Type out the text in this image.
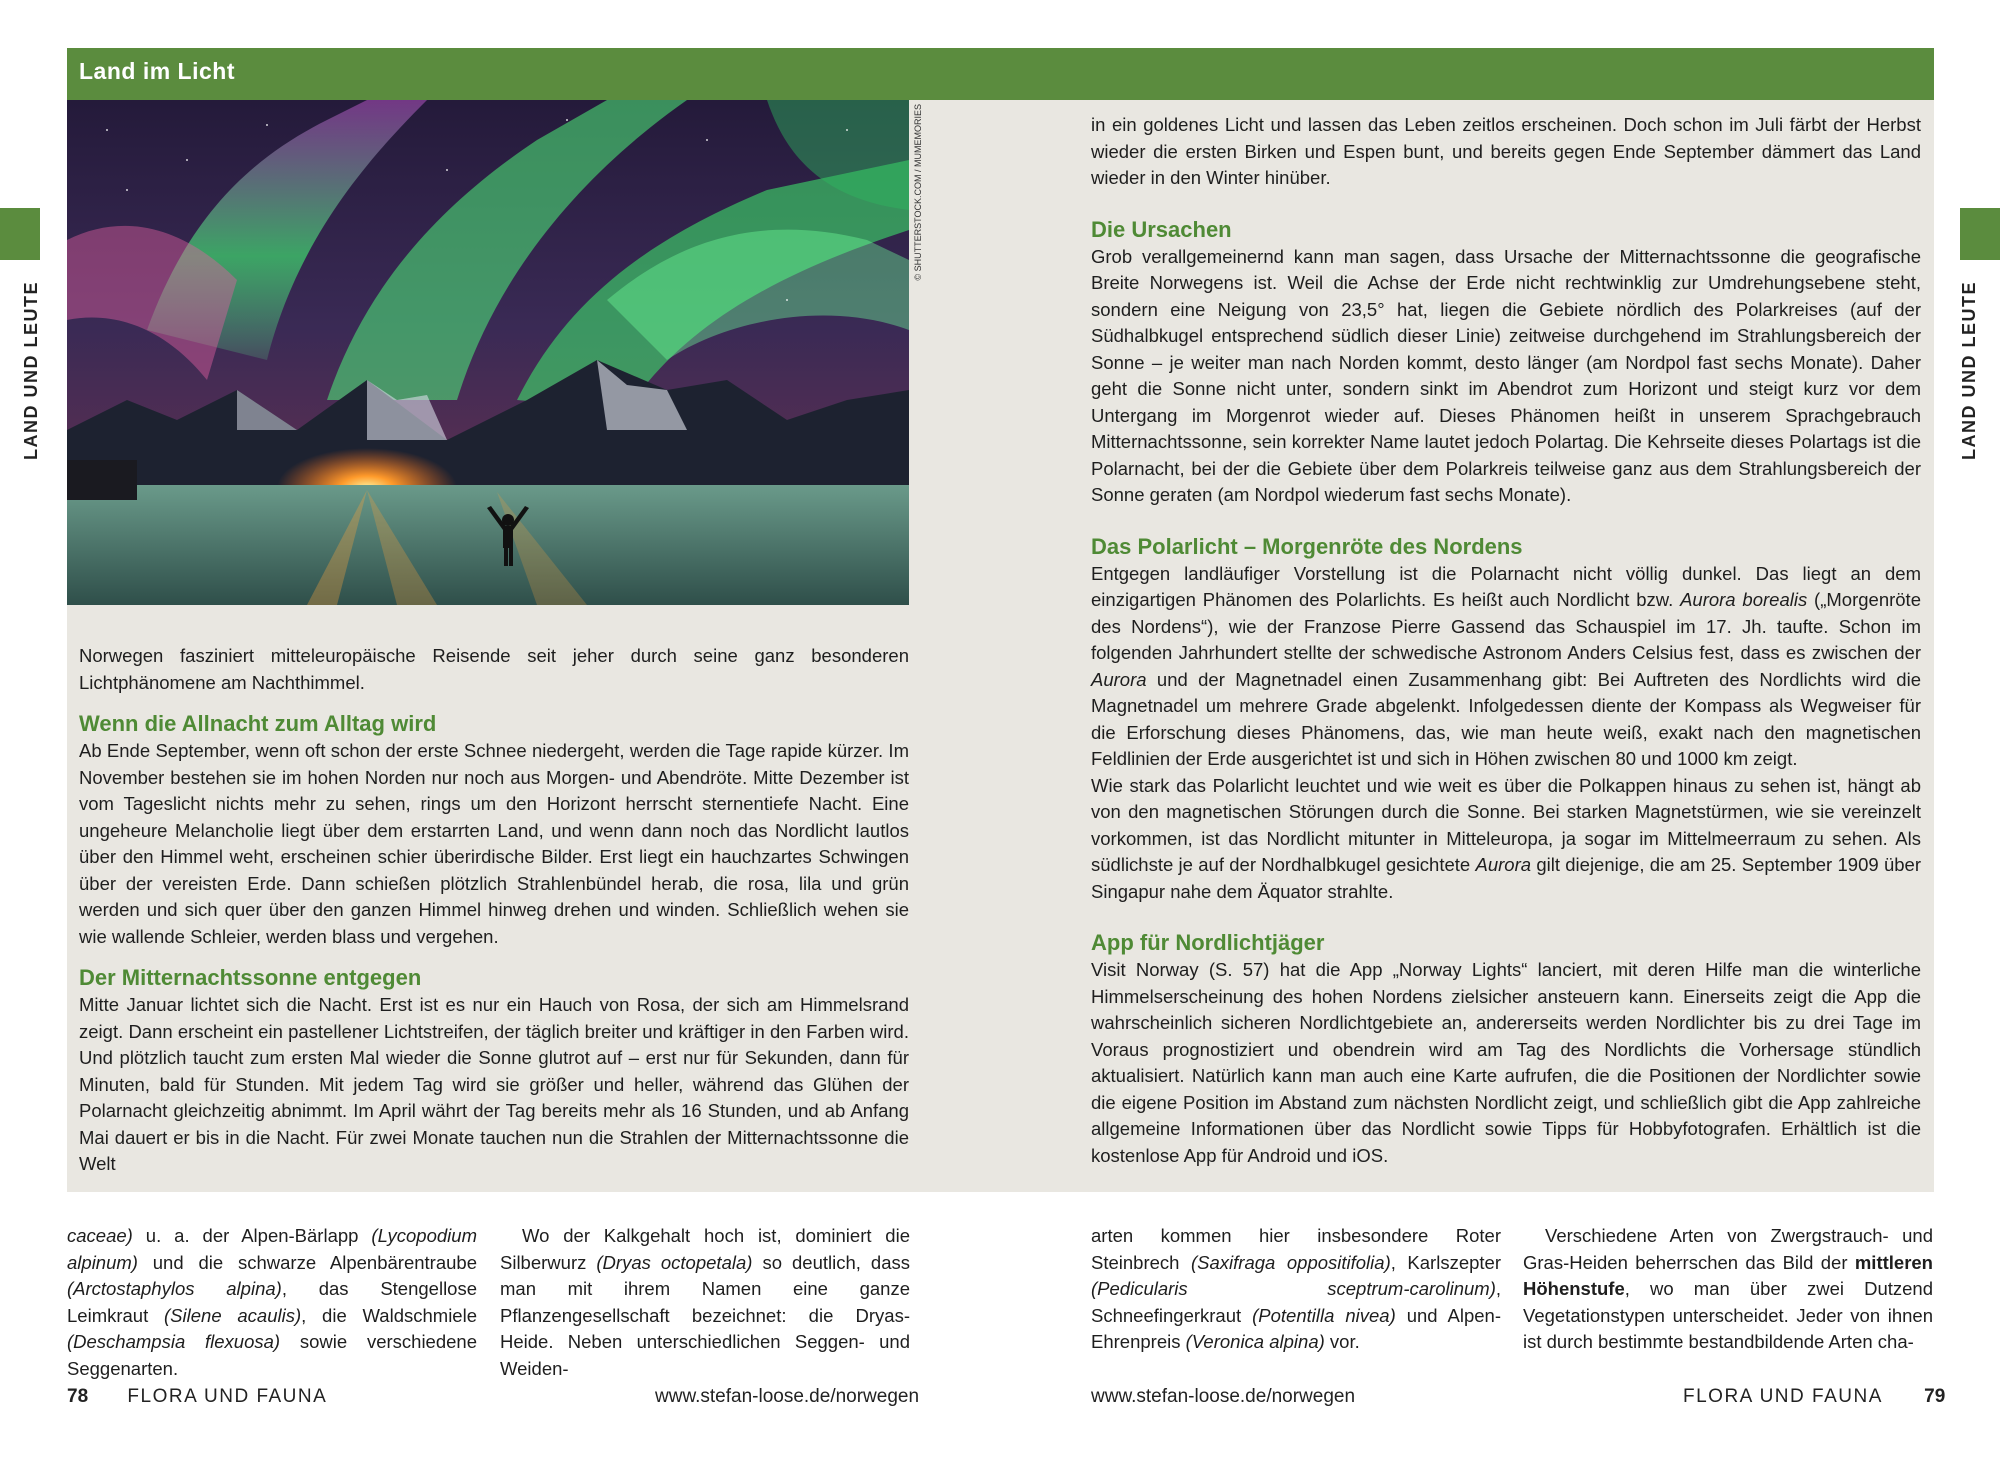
Land im Licht
© SHUTTERSTOCK.COM / MUMEMORIES
LAND UND LEUTE	LAND UND LEUTE

Norwegen fasziniert mitteleuropäische Reisende seit jeher durch seine ganz besonderen Lichtphänomene am Nachthimmel.

Wenn die Allnacht zum Alltag wird

Ab Ende September, wenn oft schon der erste Schnee niedergeht, werden die Tage rapide kürzer. Im November bestehen sie im hohen Norden nur noch aus Morgen- und Abendröte. Mitte Dezember ist vom Tageslicht nichts mehr zu sehen, rings um den Horizont herrscht sternentiefe Nacht. Eine ungeheure Melancholie liegt über dem erstarrten Land, und wenn dann noch das Nordlicht lautlos über den Himmel weht, erscheinen schier überirdische Bilder. Erst liegt ein hauchzartes Schwingen über der vereisten Erde. Dann schießen plötzlich Strahlenbündel herab, die rosa, lila und grün werden und sich quer über den ganzen Himmel hinweg drehen und winden. Schließlich wehen sie wie wallende Schleier, werden blass und vergehen.

Der Mitternachtssonne entgegen

Mitte Januar lichtet sich die Nacht. Erst ist es nur ein Hauch von Rosa, der sich am Himmelsrand zeigt. Dann erscheint ein pastellener Lichtstreifen, der täglich breiter und kräftiger in den Farben wird. Und plötzlich taucht zum ersten Mal wieder die Sonne glutrot auf – erst nur für Sekunden, dann für Minuten, bald für Stunden. Mit jedem Tag wird sie größer und heller, während das Glühen der Polarnacht gleichzeitig abnimmt. Im April währt der Tag bereits mehr als 16 Stunden, und ab Anfang Mai dauert er bis in die Nacht. Für zwei Monate tauchen nun die Strahlen der Mitternachtssonne die Welt

in ein goldenes Licht und lassen das Leben zeitlos erscheinen. Doch schon im Juli färbt der Herbst wieder die ersten Birken und Espen bunt, und bereits gegen Ende September dämmert das Land wieder in den Winter hinüber.

Die Ursachen

Grob verallgemeinernd kann man sagen, dass Ursache der Mitternachtssonne die geografische Breite Norwegens ist. Weil die Achse der Erde nicht rechtwinklig zur Umdrehungsebene steht, sondern eine Neigung von 23,5° hat, liegen die Gebiete nördlich des Polarkreises (auf der Südhalbkugel entsprechend südlich dieser Linie) zeitweise durchgehend im Strahlungsbereich der Sonne – je weiter man nach Norden kommt, desto länger (am Nordpol fast sechs Monate). Daher geht die Sonne nicht unter, sondern sinkt im Abendrot zum Horizont und steigt kurz vor dem Untergang im Morgenrot wieder auf. Dieses Phänomen heißt in unserem Sprachgebrauch Mitternachtssonne, sein korrekter Name lautet jedoch Polartag. Die Kehrseite dieses Polartags ist die Polarnacht, bei der die Gebiete über dem Polarkreis teilweise ganz aus dem Strahlungsbereich der Sonne geraten (am Nordpol wiederum fast sechs Monate).

Das Polarlicht – Morgenröte des Nordens

Entgegen landläufiger Vorstellung ist die Polarnacht nicht völlig dunkel. Das liegt an dem einzigartigen Phänomen des Polarlichts. Es heißt auch Nordlicht bzw. Aurora borealis („Morgenröte des Nordens“), wie der Franzose Pierre Gassend das Schauspiel im 17. Jh. taufte. Schon im folgenden Jahrhundert stellte der schwedische Astronom Anders Celsius fest, dass es zwischen der Aurora und der Magnetnadel einen Zusammenhang gibt: Bei Auftreten des Nordlichts wird die Magnetnadel um mehrere Grade abgelenkt. Infolgedessen diente der Kompass als Wegweiser für die Erforschung dieses Phänomens, das, wie man heute weiß, exakt nach den magnetischen Feldlinien der Erde ausgerichtet ist und sich in Höhen zwischen 80 und 1000 km zeigt.

Wie stark das Polarlicht leuchtet und wie weit es über die Polkappen hinaus zu sehen ist, hängt ab von den magnetischen Störungen durch die Sonne. Bei starken Magnetstürmen, wie sie vereinzelt vorkommen, ist das Nordlicht mitunter in Mitteleuropa, ja sogar im Mittelmeerraum zu sehen. Als südlichste je auf der Nordhalbkugel gesichtete Aurora gilt diejenige, die am 25. September 1909 über Singapur nahe dem Äquator strahlte.

App für Nordlichtjäger

Visit Norway (S. 57) hat die App „Norway Lights“ lanciert, mit deren Hilfe man die winterliche Himmelserscheinung des hohen Nordens zielsicher ansteuern kann. Einerseits zeigt die App die wahrscheinlich sicheren Nordlichtgebiete an, andererseits werden Nordlichter bis zu drei Tage im Voraus prognostiziert und obendrein wird am Tag des Nordlichts die Vorhersage stündlich aktualisiert. Natürlich kann man auch eine Karte aufrufen, die die Positionen der Nordlichter sowie die eigene Position im Abstand zum nächsten Nordlicht zeigt, und schließlich gibt die App zahlreiche allgemeine Informationen über das Nordlicht sowie Tipps für Hobbyfotografen. Erhältlich ist die kostenlose App für Android und iOS.

caceae) u. a. der Alpen-Bärlapp (Lycopodium alpinum) und die schwarze Alpenbärentraube (Arctostaphylos alpina), das Stengellose Leimkraut (Silene acaulis), die Waldschmiele (Deschampsia flexuosa) sowie verschiedene Seggenarten.

Wo der Kalkgehalt hoch ist, dominiert die Silberwurz (Dryas octopetala) so deutlich, dass man mit ihrem Namen eine ganze Pflanzengesellschaft bezeichnet: die Dryas-Heide. Neben unterschiedlichen Seggen- und Weiden-

arten kommen hier insbesondere Roter Steinbrech (Saxifraga oppositifolia), Karlszepter (Pedicularis sceptrum-carolinum), Schneefingerkraut (Potentilla nivea) und Alpen-Ehrenpreis (Veronica alpina) vor.

Verschiedene Arten von Zwergstrauch- und Gras-Heiden beherrschen das Bild der mittleren Höhenstufe, wo man über zwei Dutzend Vegetationstypen unterscheidet. Jeder von ihnen ist durch bestimmte bestandbildende Arten cha-

78 FLORA UND FAUNA	www.stefan-loose.de/norwegen	www.stefan-loose.de/norwegen	FLORA UND FAUNA 79
